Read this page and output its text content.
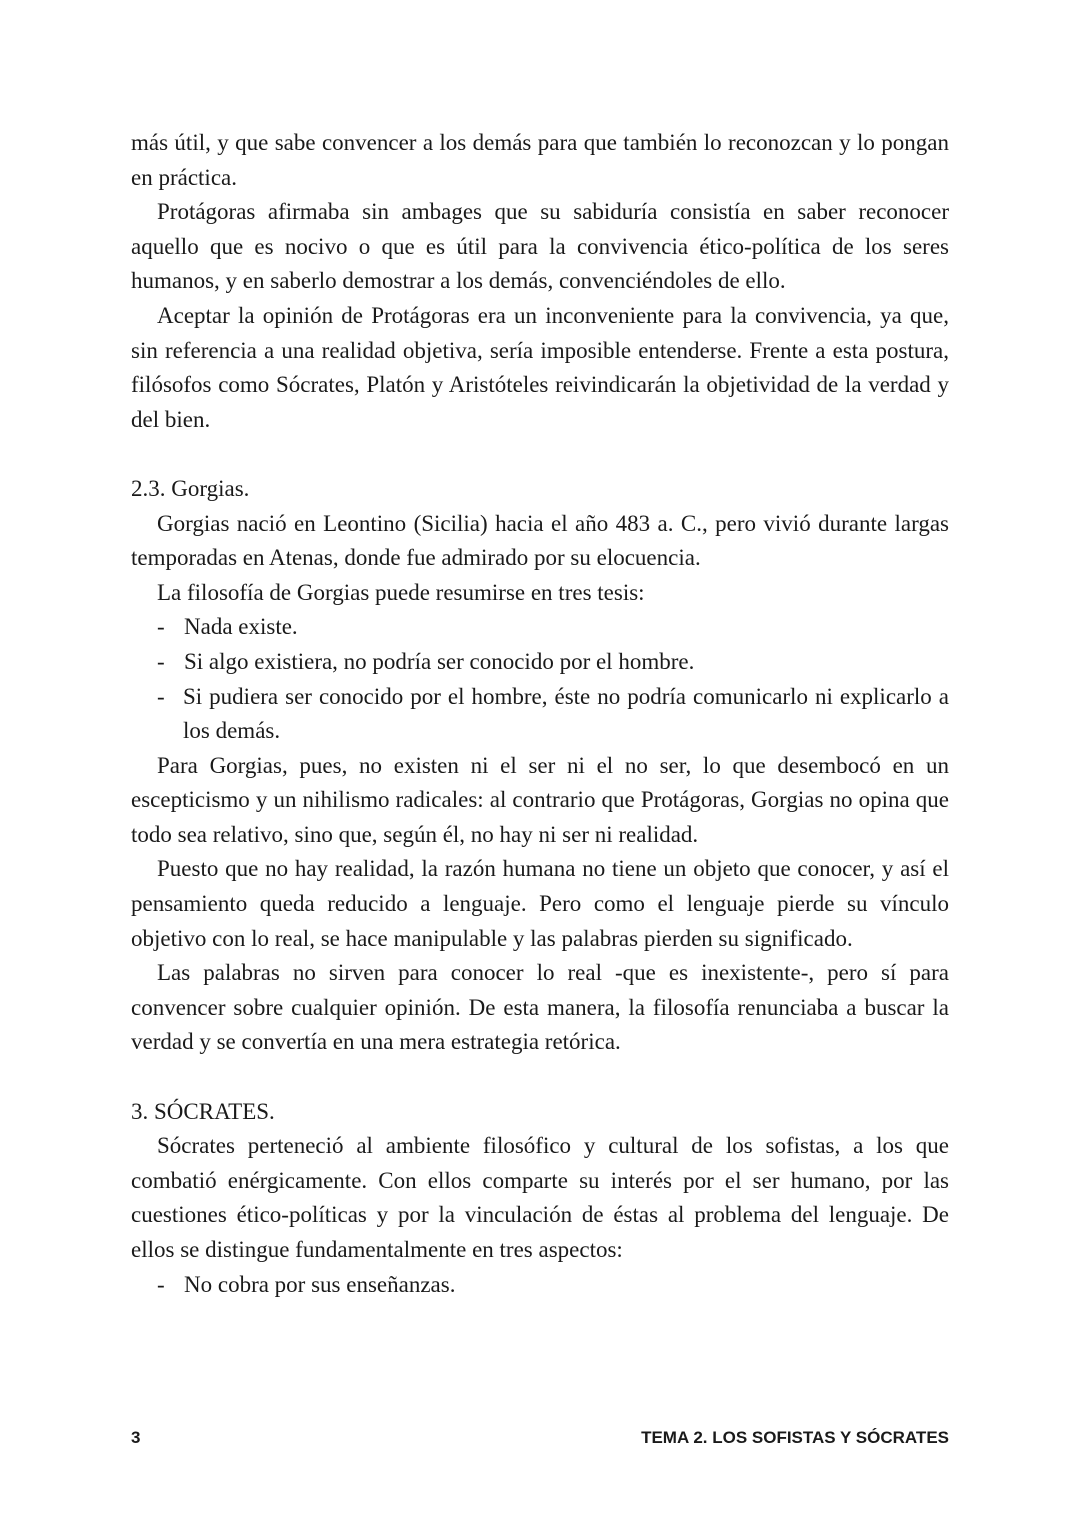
más útil, y que sabe convencer a los demás para que también lo reconozcan y lo pongan en práctica.

Protágoras afirmaba sin ambages que su sabiduría consistía en saber reconocer aquello que es nocivo o que es útil para la convivencia ético-política de los seres humanos, y en saberlo demostrar a los demás, convenciéndoles de ello.

Aceptar la opinión de Protágoras era un inconveniente para la convivencia, ya que, sin referencia a una realidad objetiva, sería imposible entenderse. Frente a esta postura, filósofos como Sócrates, Platón y Aristóteles reivindicarán la objetividad de la verdad y del bien.

2.3. Gorgias.

Gorgias nació en Leontino (Sicilia) hacia el año 483 a. C., pero vivió durante largas temporadas en Atenas, donde fue admirado por su elocuencia.

La filosofía de Gorgias puede resumirse en tres tesis:

- Nada existe.
- Si algo existiera, no podría ser conocido por el hombre.
- Si pudiera ser conocido por el hombre, éste no podría comunicarlo ni explicarlo a los demás.

Para Gorgias, pues, no existen ni el ser ni el no ser, lo que desembocó en un escepticismo y un nihilismo radicales: al contrario que Protágoras, Gorgias no opina que todo sea relativo, sino que, según él, no hay ni ser ni realidad.

Puesto que no hay realidad, la razón humana no tiene un objeto que conocer, y así el pensamiento queda reducido a lenguaje. Pero como el lenguaje pierde su vínculo objetivo con lo real, se hace manipulable y las palabras pierden su significado.

Las palabras no sirven para conocer lo real -que es inexistente-, pero sí para convencer sobre cualquier opinión. De esta manera, la filosofía renunciaba a buscar la verdad y se convertía en una mera estrategia retórica.

3. SÓCRATES.

Sócrates perteneció al ambiente filosófico y cultural de los sofistas, a los que combatió enérgicamente. Con ellos comparte su interés por el ser humano, por las cuestiones ético-políticas y por la vinculación de éstas al problema del lenguaje. De ellos se distingue fundamentalmente en tres aspectos:

- No cobra por sus enseñanzas.
3	TEMA 2. LOS SOFISTAS Y SÓCRATES
